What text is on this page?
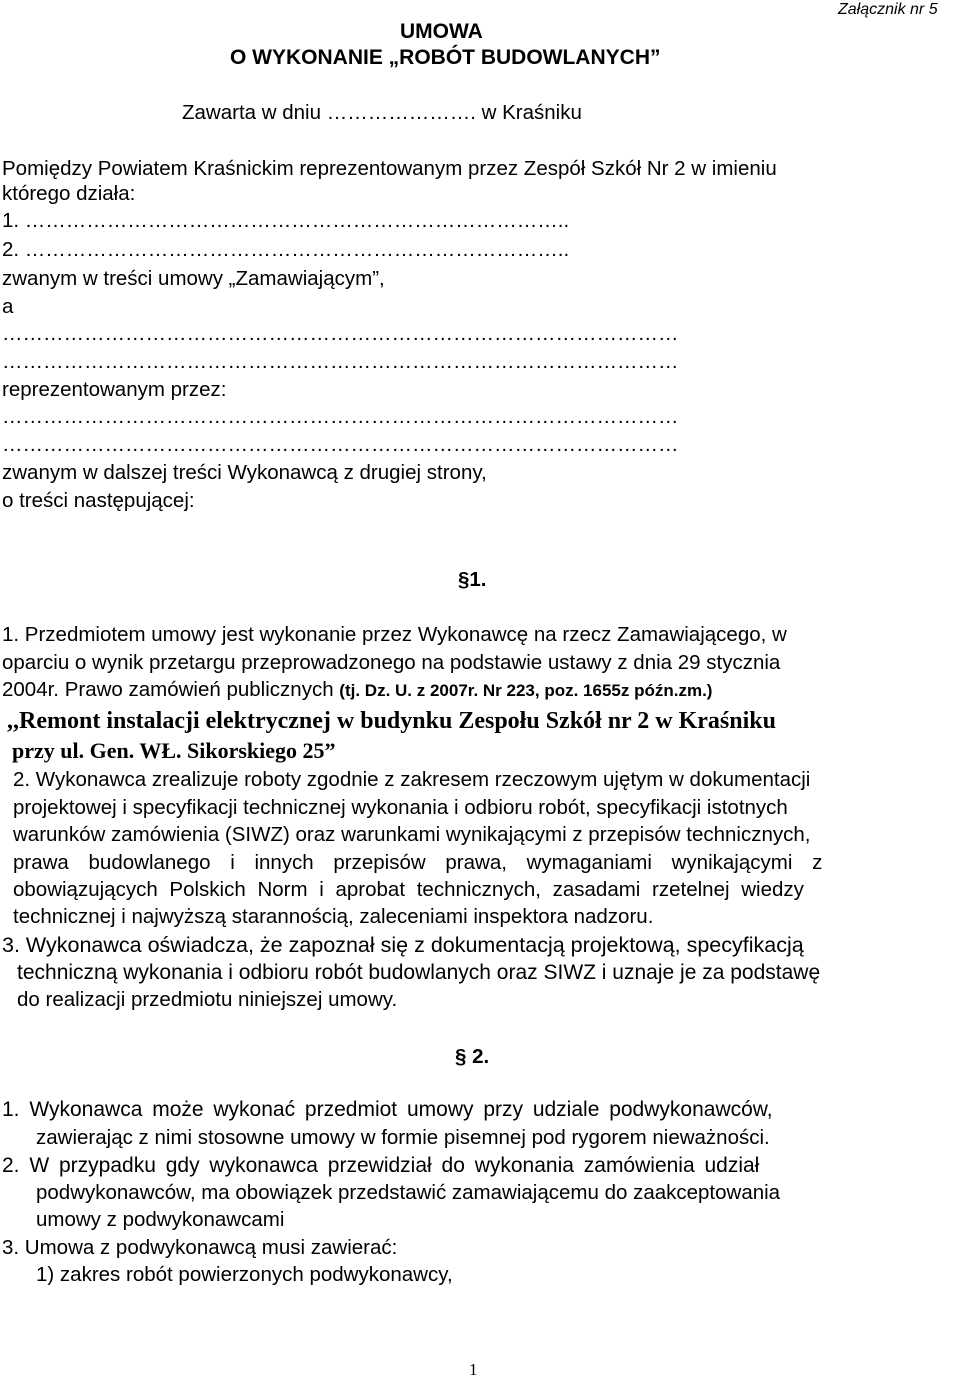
Załącznik nr 5
UMOWA
O WYKONANIE „ROBÓT BUDOWLANYCH”
Zawarta w dniu …………………. w Kraśniku
Pomiędzy Powiatem Kraśnickim reprezentowanym przez Zespół Szkół Nr 2 w imieniu
którego działa:
1. ……………………………………………………………………..
2. ……………………………………………………………………..
zwanym w treści umowy „Zamawiającym”,
a
………………………………………………………………………………………
………………………………………………………………………………………
reprezentowanym przez:
………………………………………………………………………………………
………………………………………………………………………………………
zwanym w dalszej treści Wykonawcą z drugiej strony,
o treści następującej:
§1.
1. Przedmiotem umowy jest wykonanie przez Wykonawcę na rzecz Zamawiającego, w
oparciu o wynik przetargu przeprowadzonego na podstawie ustawy z dnia 29 stycznia
2004r. Prawo zamówień publicznych (tj. Dz. U. z 2007r. Nr 223, poz. 1655z późn.zm.)
,,Remont instalacji elektrycznej w budynku Zespołu Szkół nr 2 w Kraśniku
przy ul. Gen. WŁ. Sikorskiego 25”
2. Wykonawca zrealizuje roboty zgodnie z zakresem rzeczowym ujętym w dokumentacji
projektowej i specyfikacji technicznej wykonania i odbioru robót, specyfikacji istotnych
warunków zamówienia (SIWZ) oraz warunkami wynikającymi z przepisów technicznych,
prawa budowlanego i innych przepisów prawa, wymaganiami wynikającymi z
obowiązujących Polskich Norm i aprobat technicznych, zasadami rzetelnej wiedzy
technicznej i najwyższą starannością, zaleceniami inspektora nadzoru.
3. Wykonawca oświadcza, że zapoznał się z dokumentacją projektową, specyfikacją
techniczną wykonania i odbioru robót budowlanych oraz SIWZ i uznaje je za podstawę
do realizacji przedmiotu niniejszej umowy.
§ 2.
1. Wykonawca może wykonać przedmiot umowy przy udziale podwykonawców,
zawierając z nimi stosowne umowy w formie pisemnej pod rygorem nieważności.
2. W przypadku gdy wykonawca przewidział do wykonania zamówienia udział
podwykonawców, ma obowiązek przedstawić zamawiającemu do zaakceptowania
umowy z podwykonawcami
3. Umowa z podwykonawcą musi zawierać:
1) zakres robót powierzonych podwykonawcy,
1
